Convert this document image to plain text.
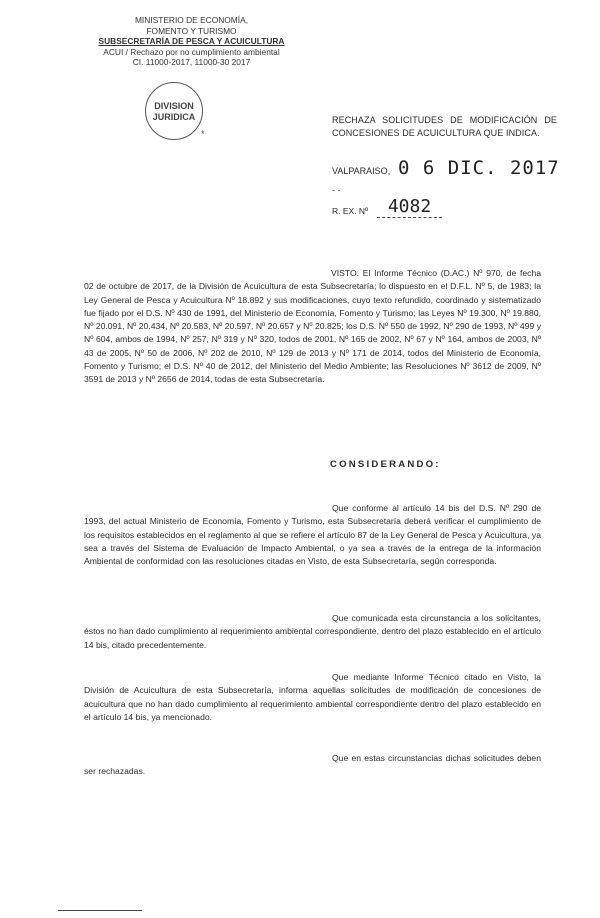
MINISTERIO DE ECONOMÍA,
FOMENTO Y TURISMO
SUBSECRETARÍA DE PESCA Y ACUICULTURA
ACUI / Rechazo por no cumplimiento ambiental
CI. 11000-2017, 11000-30 2017
DIVISION
JURIDICA
*
RECHAZA SOLICITUDES DE MODIFICACIÓN DE CONCESIONES DE ACUICULTURA QUE INDICA.
0 6 DIC. 2017
VALPARAISO,
- -
R. EX. Nº	4082
VISTO: El Informe Técnico (D.AC.) Nº 970, de fecha 02 de octubre de 2017, de la División de Acuicultura de esta Subsecretaría; lo dispuesto en el D.F.L. Nº 5, de 1983; la Ley General de Pesca y Acuicultura Nº 18.892 y sus modificaciones, cuyo texto refundido, coordinado y sistematizado fue fijado por el D.S. Nº 430 de 1991, del Ministerio de Economía, Fomento y Turismo; las Leyes Nº 19.300, Nº 19.880, Nº 20.091, Nº 20.434, Nº 20.583, Nº 20.597, Nº 20.657 y Nº 20.825; los D.S. Nº 550 de 1992, Nº 290 de 1993, Nº 499 y Nº 604, ambos de 1994, Nº 257, Nº 319 y Nº 320, todos de 2001, Nº 165 de 2002, Nº 67 y Nº 164, ambos de 2003, Nº 43 de 2005, Nº 50 de 2006, Nº 202 de 2010, Nº 129 de 2013 y Nº 171 de 2014, todos del Ministerio de Economía, Fomento y Turismo; el D.S. Nº 40 de 2012, del Ministerio del Medio Ambiente; las Resoluciones Nº 3612 de 2009, Nº 3591 de 2013 y Nº 2656 de 2014, todas de esta Subsecretaría.
CONSIDERANDO:
Que conforme al artículo 14 bis del D.S. Nº 290 de 1993, del actual Ministerio de Economía, Fomento y Turismo, esta Subsecretaría deberá verificar el cumplimiento de los requisitos establecidos en el reglamento al que se refiere el artículo 87 de la Ley General de Pesca y Acuicultura, ya sea a través del Sistema de Evaluación de Impacto Ambiental, o ya sea a través de la entrega de la información Ambiental de conformidad con las resoluciones citadas en Visto, de esta Subsecretaría, según corresponda.
Que comunicada esta circunstancia a los solicitantes, éstos no han dado cumplimiento al requerimiento ambiental correspondiente, dentro del plazo establecido en el artículo 14 bis, citado precedentemente.
Que mediante Informe Técnico citado en Visto, la División de Acuicultura de esta Subsecretaría, informa aquellas solicitudes de modificación de concesiones de acuicultura que no han dado cumplimiento al requerimiento ambiental correspondiente dentro del plazo establecido en el artículo 14 bis, ya mencionado.
Que en estas circunstancias dichas solicitudes deben ser rechazadas.
